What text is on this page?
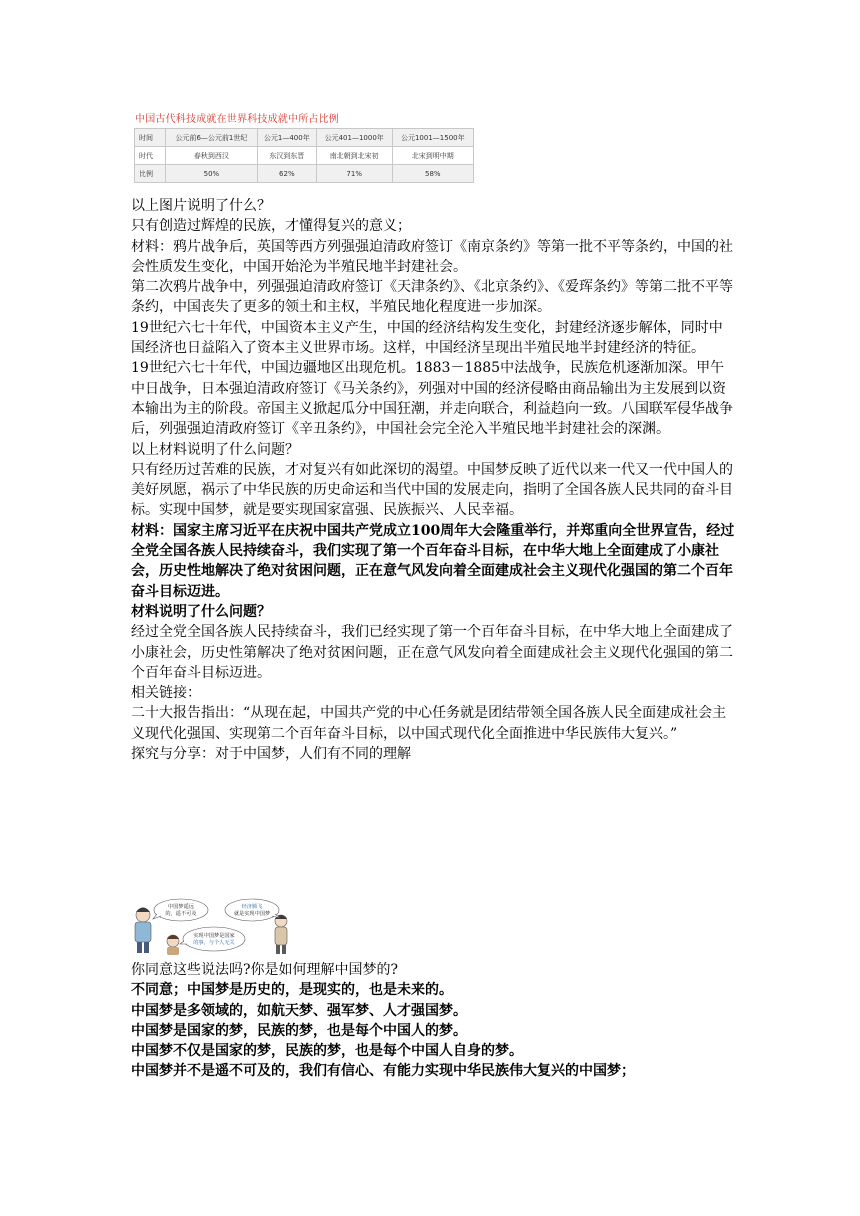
中国古代科技成就在世界科技成就中所占比例
时间	公元前6—公元前1世纪	公元1—400年	公元401—1000年	公元1001—1500年
时代	春秋到西汉	东汉到东晋	南北朝到北宋初	北宋到明中期
比例	50%	62%	71%	58%

以上图片说明了什么？

只有创造过辉煌的民族，才懂得复兴的意义；

材料：鸦片战争后，英国等西方列强强迫清政府签订《南京条约》等第一批不平等条约，中国的社会性质发生变化，中国开始沦为半殖民地半封建社会。

第二次鸦片战争中，列强强迫清政府签订《天津条约》、《北京条约》、《爱珲条约》等第二批不平等条约，中国丧失了更多的领土和主权，半殖民地化程度进一步加深。

19世纪六七十年代，中国资本主义产生，中国的经济结构发生变化，封建经济逐步解体，同时中国经济也日益陷入了资本主义世界市场。这样，中国经济呈现出半殖民地半封建经济的特征。

19世纪六七十年代，中国边疆地区出现危机。1883－1885中法战争，民族危机逐渐加深。甲午中日战争，日本强迫清政府签订《马关条约》，列强对中国的经济侵略由商品输出为主发展到以资本输出为主的阶段。帝国主义掀起瓜分中国狂潮，并走向联合，利益趋向一致。八国联军侵华战争后，列强强迫清政府签订《辛丑条约》，中国社会完全沦入半殖民地半封建社会的深渊。

以上材料说明了什么问题？

只有经历过苦难的民族，才对复兴有如此深切的渴望。中国梦反映了近代以来一代又一代中国人的美好夙愿，祸示了中华民族的历史命运和当代中国的发展走向，指明了全国各族人民共同的奋斗目标。实现中国梦，就是要实现国家富强、民族振兴、人民幸福。

材料：国家主席习近平在庆祝中国共产党成立100周年大会隆重举行，并郑重向全世界宣告，经过全党全国各族人民持续奋斗，我们实现了第一个百年奋斗目标，在中华大地上全面建成了小康社会，历史性地解决了绝对贫困问题，正在意气风发向着全面建成社会主义现代化强国的第二个百年奋斗目标迈进。

材料说明了什么问题？

经过全党全国各族人民持续奋斗，我们已经实现了第一个百年奋斗目标，在中华大地上全面建成了小康社会，历史性第解决了绝对贫困问题，正在意气风发向着全面建成社会主义现代化强国的第二个百年奋斗目标迈进。

相关链接：

二十大报告指出：“从现在起，中国共产党的中心任务就是团结带领全国各族人民全面建成社会主义现代化强国、实现第二个百年奋斗目标，以中国式现代化全面推进中华民族伟大复兴。”

探究与分享：对于中国梦，人们有不同的理解

中国梦遥远
的，遥不可及
经济腾飞
就是实现中国梦
实现中国梦是国家
的事，与个人无关

你同意这些说法吗?你是如何理解中国梦的?

不同意；中国梦是历史的，是现实的，也是未来的。

中国梦是多领域的，如航天梦、强军梦、人才强国梦。

中国梦是国家的梦，民族的梦，也是每个中国人的梦。

中国梦不仅是国家的梦，民族的梦，也是每个中国人自身的梦。

中国梦并不是遥不可及的，我们有信心、有能力实现中华民族伟大复兴的中国梦；
